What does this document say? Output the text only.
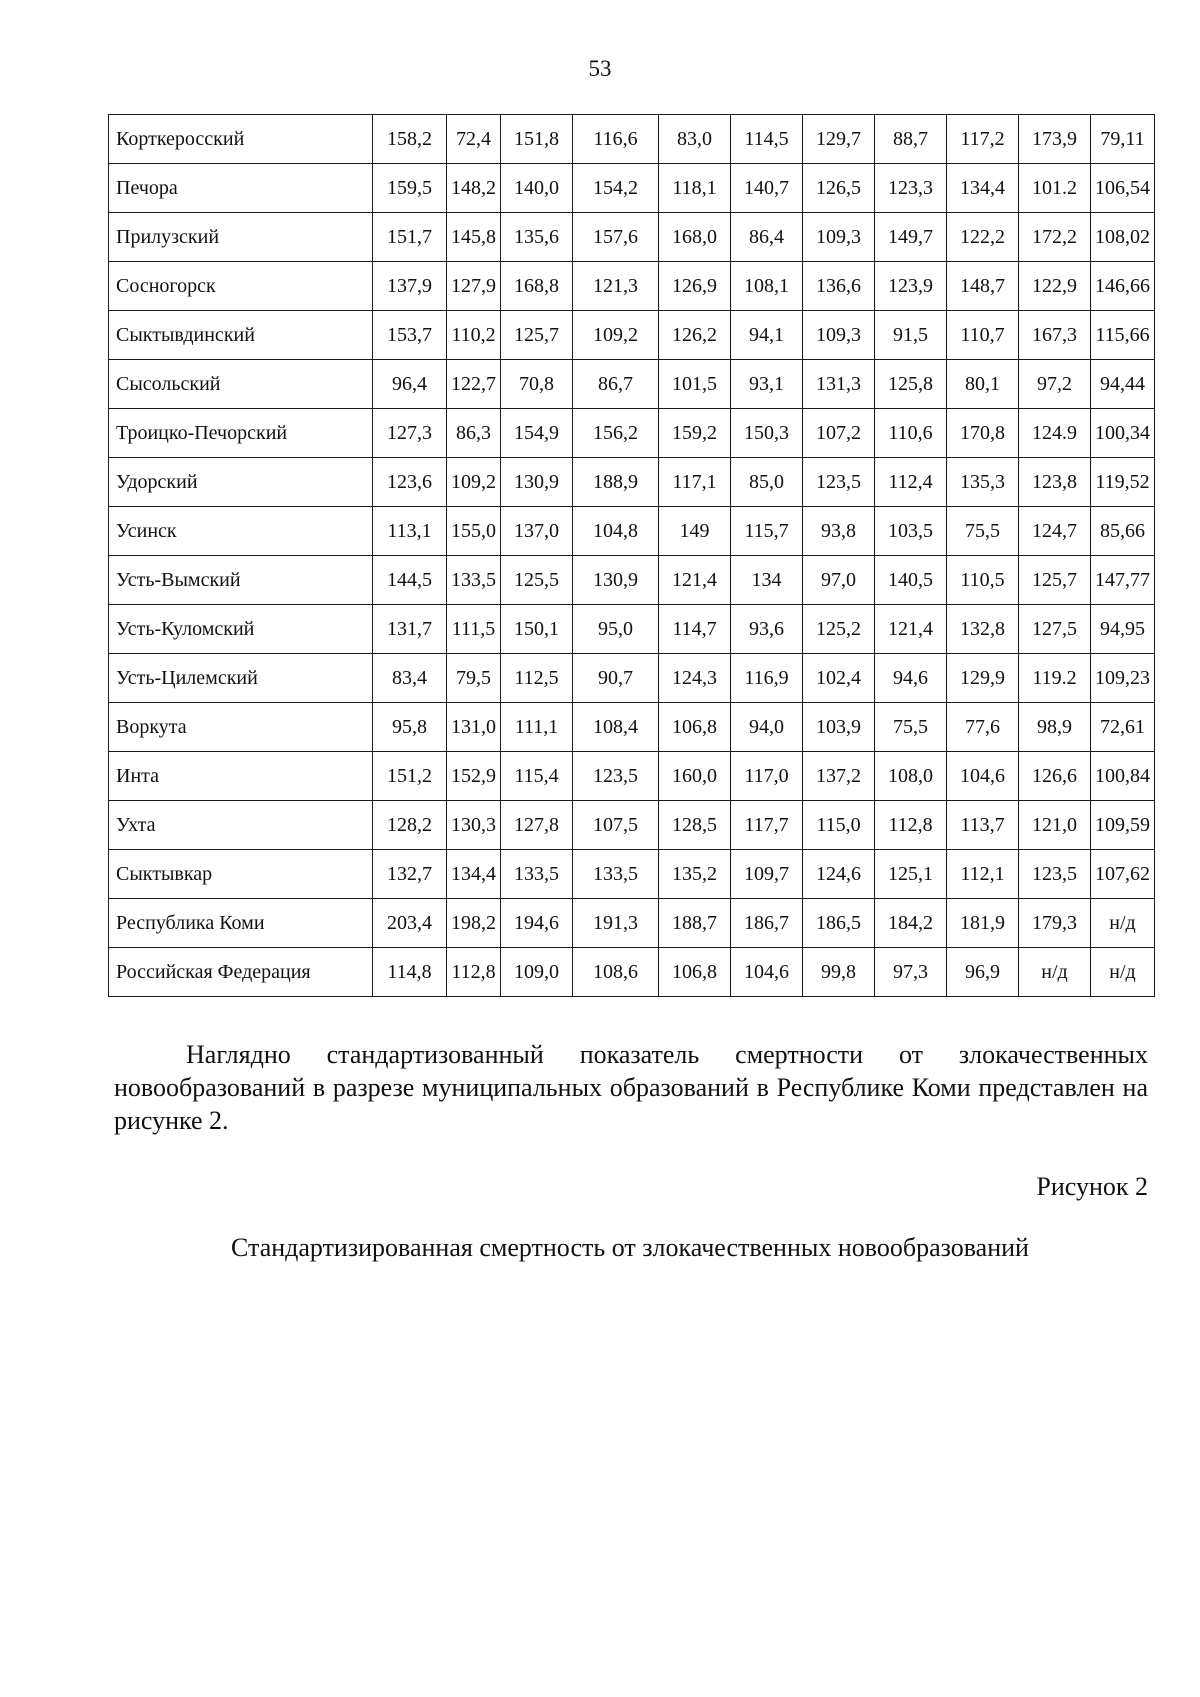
53
Корткеросский	158,2	72,4	151,8	116,6	83,0	114,5	129,7	88,7	117,2	173,9	79,11
Печора	159,5	148,2	140,0	154,2	118,1	140,7	126,5	123,3	134,4	101.2	106,54
Прилузский	151,7	145,8	135,6	157,6	168,0	86,4	109,3	149,7	122,2	172,2	108,02
Сосногорск	137,9	127,9	168,8	121,3	126,9	108,1	136,6	123,9	148,7	122,9	146,66
Сыктывдинский	153,7	110,2	125,7	109,2	126,2	94,1	109,3	91,5	110,7	167,3	115,66
Сысольский	96,4	122,7	70,8	86,7	101,5	93,1	131,3	125,8	80,1	97,2	94,44
Троицко-Печорский	127,3	86,3	154,9	156,2	159,2	150,3	107,2	110,6	170,8	124.9	100,34
Удорский	123,6	109,2	130,9	188,9	117,1	85,0	123,5	112,4	135,3	123,8	119,52
Усинск	113,1	155,0	137,0	104,8	149	115,7	93,8	103,5	75,5	124,7	85,66
Усть-Вымский	144,5	133,5	125,5	130,9	121,4	134	97,0	140,5	110,5	125,7	147,77
Усть-Куломский	131,7	111,5	150,1	95,0	114,7	93,6	125,2	121,4	132,8	127,5	94,95
Усть-Цилемский	83,4	79,5	112,5	90,7	124,3	116,9	102,4	94,6	129,9	119.2	109,23
Воркута	95,8	131,0	111,1	108,4	106,8	94,0	103,9	75,5	77,6	98,9	72,61
Инта	151,2	152,9	115,4	123,5	160,0	117,0	137,2	108,0	104,6	126,6	100,84
Ухта	128,2	130,3	127,8	107,5	128,5	117,7	115,0	112,8	113,7	121,0	109,59
Сыктывкар	132,7	134,4	133,5	133,5	135,2	109,7	124,6	125,1	112,1	123,5	107,62
Республика Коми	203,4	198,2	194,6	191,3	188,7	186,7	186,5	184,2	181,9	179,3	н/д
Российская Федерация	114,8	112,8	109,0	108,6	106,8	104,6	99,8	97,3	96,9	н/д	н/д

Наглядно стандартизованный показатель смертности от злокачественных новообразований в разрезе муниципальных образований в Республике Коми представлен на рисунке 2.

Рисунок 2
Стандартизированная смертность от злокачественных новообразований
